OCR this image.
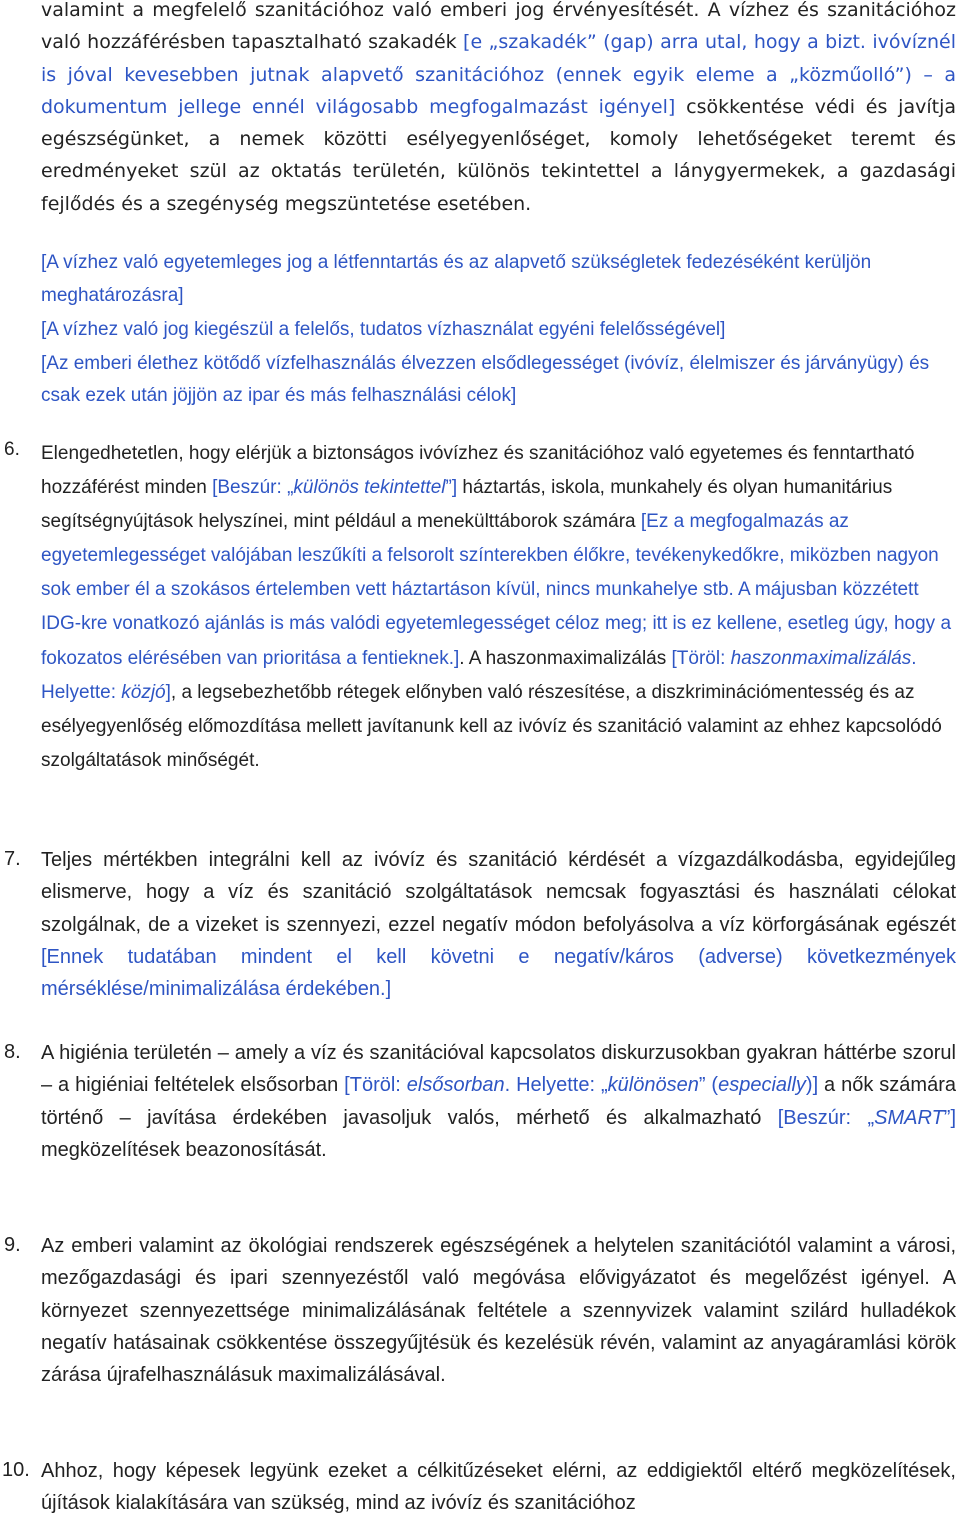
valamint a megfelelő szanitációhoz való emberi jog érvényesítését. A vízhez és szanitációhoz való hozzáférésben tapasztalható szakadék [e „szakadék” (gap) arra utal, hogy a bizt. ivóvíznél is jóval kevesebben jutnak alapvető szanitációhoz (ennek egyik eleme a „közműolló”) – a dokumentum jellege ennél világosabb megfogalmazást igényel] csökkentése védi és javítja egészségünket, a nemek közötti esélyegyenlőséget, komoly lehetőségeket teremt és eredményeket szül az oktatás területén, különös tekintettel a lánygyermekek, a gazdasági fejlődés és a szegénység megszüntetése esetében.

[A vízhez való egyetemleges jog a létfenntartás és az alapvető szükségletek fedezéséként kerüljön meghatározásra]

[A vízhez való jog kiegészül a felelős, tudatos vízhasználat egyéni felelősségével]

[Az emberi élethez kötődő vízfelhasználás élvezzen elsődlegességet (ivóvíz, élelmiszer és járványügy) és csak ezek után jöjjön az ipar és más felhasználási célok]

6. Elengedhetetlen, hogy elérjük a biztonságos ivóvízhez és szanitációhoz való egyetemes és fenntartható hozzáférést minden [Beszúr: „különös tekintettel”] háztartás, iskola, munkahely és olyan humanitárius segítségnyújtások helyszínei, mint például a menekülttáborok számára [Ez a megfogalmazás az egyetemlegességet valójában leszűkíti a felsorolt színterekben élőkre, tevékenykedőkre, miközben nagyon sok ember él a szokásos értelemben vett háztartáson kívül, nincs munkahelye stb. A májusban közzétett IDG-kre vonatkozó ajánlás is más valódi egyetemlegességet céloz meg; itt is ez kellene, esetleg úgy, hogy a fokozatos elérésében van prioritása a fentieknek.]. A haszonmaximalizálás [Töröl: haszonmaximalizálás. Helyette: közjó], a legsebezhetőbb rétegek előnyben való részesítése, a diszkriminációmentesség és az esélyegyenlőség előmozdítása mellett javítanunk kell az ivóvíz és szanitáció valamint az ehhez kapcsolódó szolgáltatások minőségét.

7. Teljes mértékben integrálni kell az ivóvíz és szanitáció kérdését a vízgazdálkodásba, egyidejűleg elismerve, hogy a víz és szanitáció szolgáltatások nemcsak fogyasztási és használati célokat szolgálnak, de a vizeket is szennyezi, ezzel negatív módon befolyásolva a víz körforgásának egészét [Ennek tudatában mindent el kell követni e negatív/káros (adverse) következmények mérséklése/minimalizálása érdekében.]

8. A higiénia területén – amely a víz és szanitációval kapcsolatos diskurzusokban gyakran háttérbe szorul – a higiéniai feltételek elsősorban [Töröl: elsősorban. Helyette: „különösen” (especially)] a nők számára történő – javítása érdekében javasoljuk valós, mérhető és alkalmazható [Beszúr: „SMART”] megközelítések beazonosítását.

9. Az emberi valamint az ökológiai rendszerek egészségének a helytelen szanitációtól valamint a városi, mezőgazdasági és ipari szennyezéstől való megóvása elővigyázatot és megelőzést igényel. A környezet szennyezettsége minimalizálásának feltétele a szennyvizek valamint szilárd hulladékok negatív hatásainak csökkentése összegyűjtésük és kezelésük révén, valamint az anyagáramlási körök zárása újrafelhasználásuk maximalizálásával.

10. Ahhoz, hogy képesek legyünk ezeket a célkitűzéseket elérni, az eddigiektől eltérő megközelítések, újítások kialakítására van szükség, mind az ivóvíz és szanitációhoz
